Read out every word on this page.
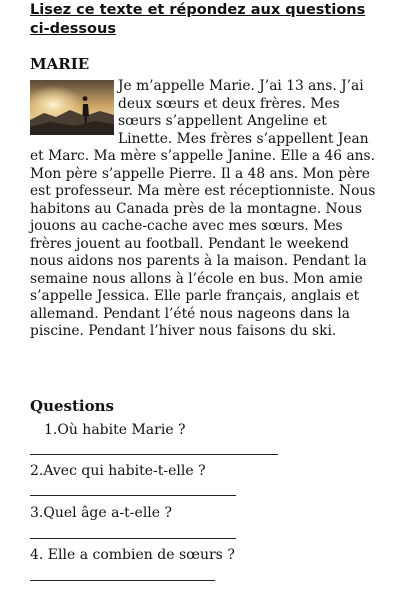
Lisez ce texte et répondez aux questions ci-dessous
MARIE

Je m’appelle Marie. J’ai 13 ans. J’ai deux sœurs et deux frères. Mes sœurs s’appellent Angeline et Linette. Mes frères s’appellent Jean et Marc. Ma mère s’appelle Janine. Elle a 46 ans. Mon père s’appelle Pierre. Il a 48 ans. Mon père est professeur. Ma mère est réceptionniste. Nous habitons au Canada près de la montagne. Nous jouons au cache-cache avec mes sœurs. Mes frères jouent au football. Pendant le weekend nous aidons nos parents à la maison. Pendant la semaine nous allons à l’école en bus. Mon amie s’appelle Jessica. Elle parle français, anglais et allemand. Pendant l’été nous nageons dans la piscine. Pendant l’hiver nous faisons du ski.

Questions

1.Où habite Marie ?

2.Avec qui habite-t-elle ?

3.Quel âge a-t-elle ?

4. Elle a combien de sœurs ?
